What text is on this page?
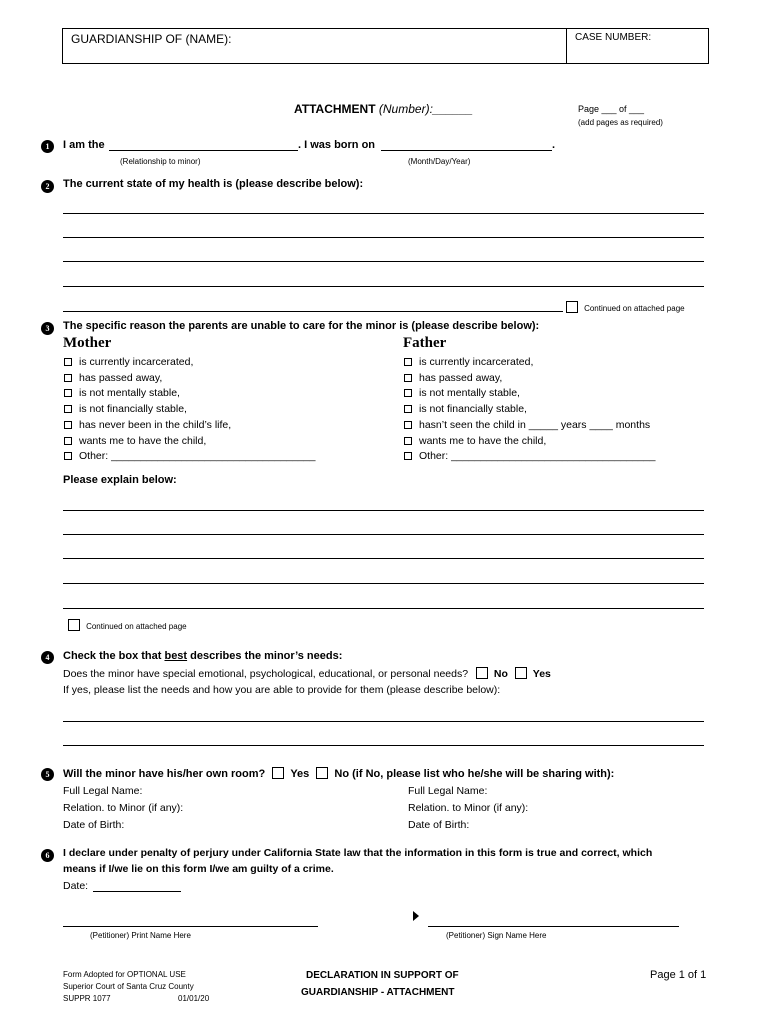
GUARDIANSHIP OF (NAME):	CASE NUMBER:
ATTACHMENT (Number):______	Page ___ of ___
(add pages as required)
1	I am the	. I was born on	.
(Relationship to minor)	(Month/Day/Year)
2	The current state of my health is (please describe below):
Continued on attached page
3	The specific reason the parents are unable to care for the minor is (please describe below):
Mother	Father
is currently incarcerated,
has passed away,
is not mentally stable,
is not financially stable,
has never been in the child’s life,
wants me to have the child,
Other: ___________________________________
is currently incarcerated,
has passed away,
is not mentally stable,
is not financially stable,
hasn’t seen the child in _____ years ____ months
wants me to have the child,
Other: ___________________________________
Please explain below:
Continued on attached page
4	Check the box that best describes the minor’s needs:
Does the minor have special emotional, psychological, educational, or personal needs? No Yes
If yes, please list the needs and how you are able to provide for them (please describe below):
5	Will the minor have his/her own room? Yes No (if No, please list who he/she will be sharing with):
Full Legal Name:
Relation. to Minor (if any):
Date of Birth:
Full Legal Name:
Relation. to Minor (if any):
Date of Birth:
6	I declare under penalty of perjury under California State law that the information in this form is true and correct, which
means if I/we lie on this form I/we am guilty of a crime.
Date:
(Petitioner) Print Name Here	(Petitioner) Sign Name Here
Form Adopted for OPTIONAL USE
Superior Court of Santa Cruz County
SUPPR 1077	01/01/20
DECLARATION IN SUPPORT OF
GUARDIANSHIP - ATTACHMENT
Page 1 of 1
